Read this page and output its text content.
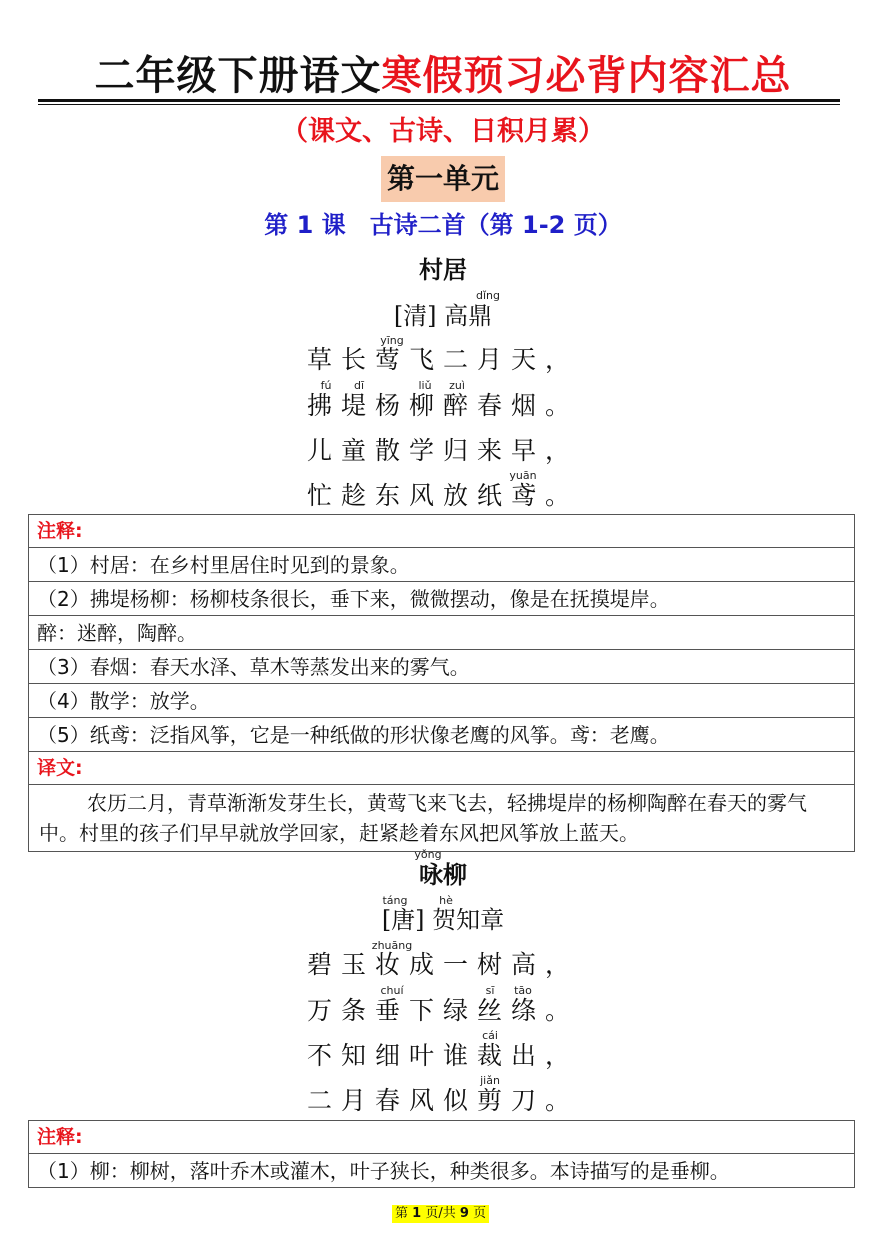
二年级下册语文寒假预习必背内容汇总
（课文、古诗、日积月累）
第一单元
第 1 课　古诗二首（第 1-2 页）
村居
dǐng
[清] 高鼎
yīng
草长莺飞二月天，
fú dī	liǔ zuì
拂堤杨柳醉春烟。
儿童散学归来早，
yuān
忙趁东风放纸鸢。
注释:
（1）村居：在乡村里居住时见到的景象。
（2）拂堤杨柳：杨柳枝条很长，垂下来，微微摆动，像是在抚摸堤岸。
醉：迷醉，陶醉。
（3）春烟：春天水泽、草木等蒸发出来的雾气。
（4）散学：放学。
（5）纸鸢：泛指风筝，它是一种纸做的形状像老鹰的风筝。鸢：老鹰。
译文:
农历二月，青草渐渐发芽生长，黄莺飞来飞去，轻拂堤岸的杨柳陶醉在春天的雾气中。村里的孩子们早早就放学回家，赶紧趁着东风把风筝放上蓝天。
yǒng
咏柳
táng	hè
[唐] 贺知章
zhuāng
碧玉妆成一树高，
chuí	sī tāo
万条垂下绿丝绦。
cái
不知细叶谁裁出，
jiǎn
二月春风似剪刀。
注释:
（1）柳：柳树，落叶乔木或灌木，叶子狭长，种类很多。本诗描写的是垂柳。
第 1 页/共 9 页
